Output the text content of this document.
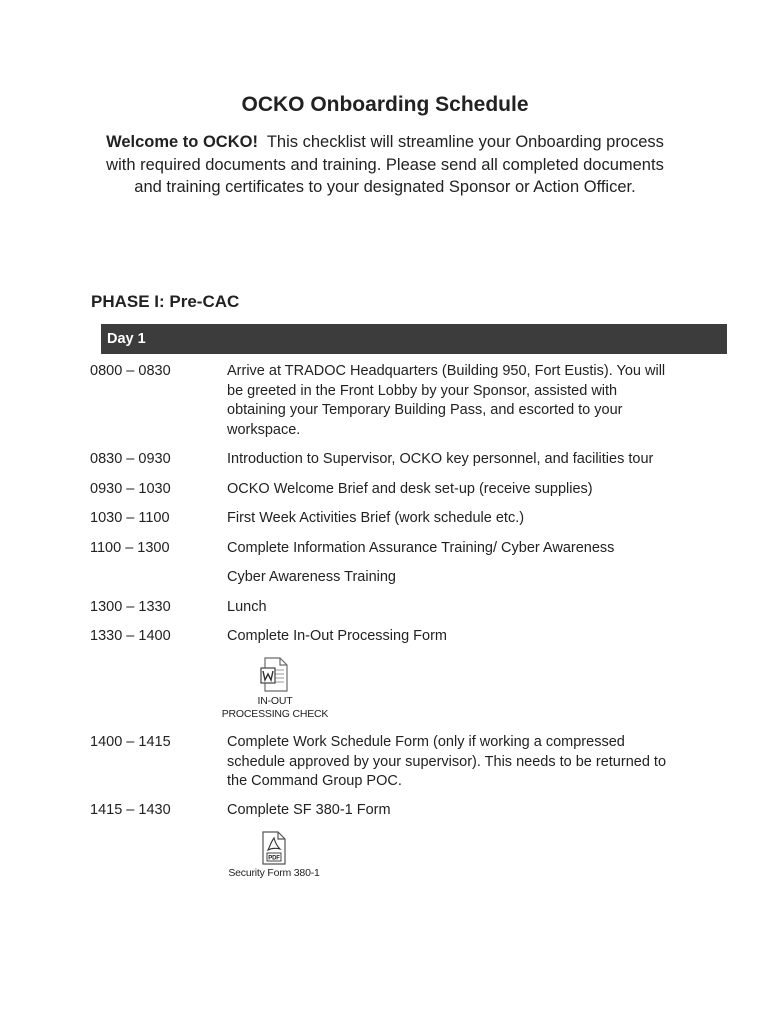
OCKO Onboarding Schedule
Welcome to OCKO! This checklist will streamline your Onboarding process with required documents and training. Please send all completed documents and training certificates to your designated Sponsor or Action Officer.
PHASE I: Pre-CAC
Day 1
0800 – 0830	Arrive at TRADOC Headquarters (Building 950, Fort Eustis). You will be greeted in the Front Lobby by your Sponsor, assisted with obtaining your Temporary Building Pass, and escorted to your workspace.
0830 – 0930	Introduction to Supervisor, OCKO key personnel, and facilities tour
0930 – 1030	OCKO Welcome Brief and desk set-up (receive supplies)
1030 – 1100	First Week Activities Brief (work schedule etc.)
1100 – 1300	Complete Information Assurance Training/ Cyber Awareness
Cyber Awareness Training
1300 – 1330	Lunch
1330 – 1400	Complete In-Out Processing Form
IN-OUT
PROCESSING CHECK
1400 – 1415	Complete Work Schedule Form (only if working a compressed schedule approved by your supervisor). This needs to be returned to the Command Group POC.
1415 – 1430	Complete SF 380-1 Form
PDF
Security Form 380-1
